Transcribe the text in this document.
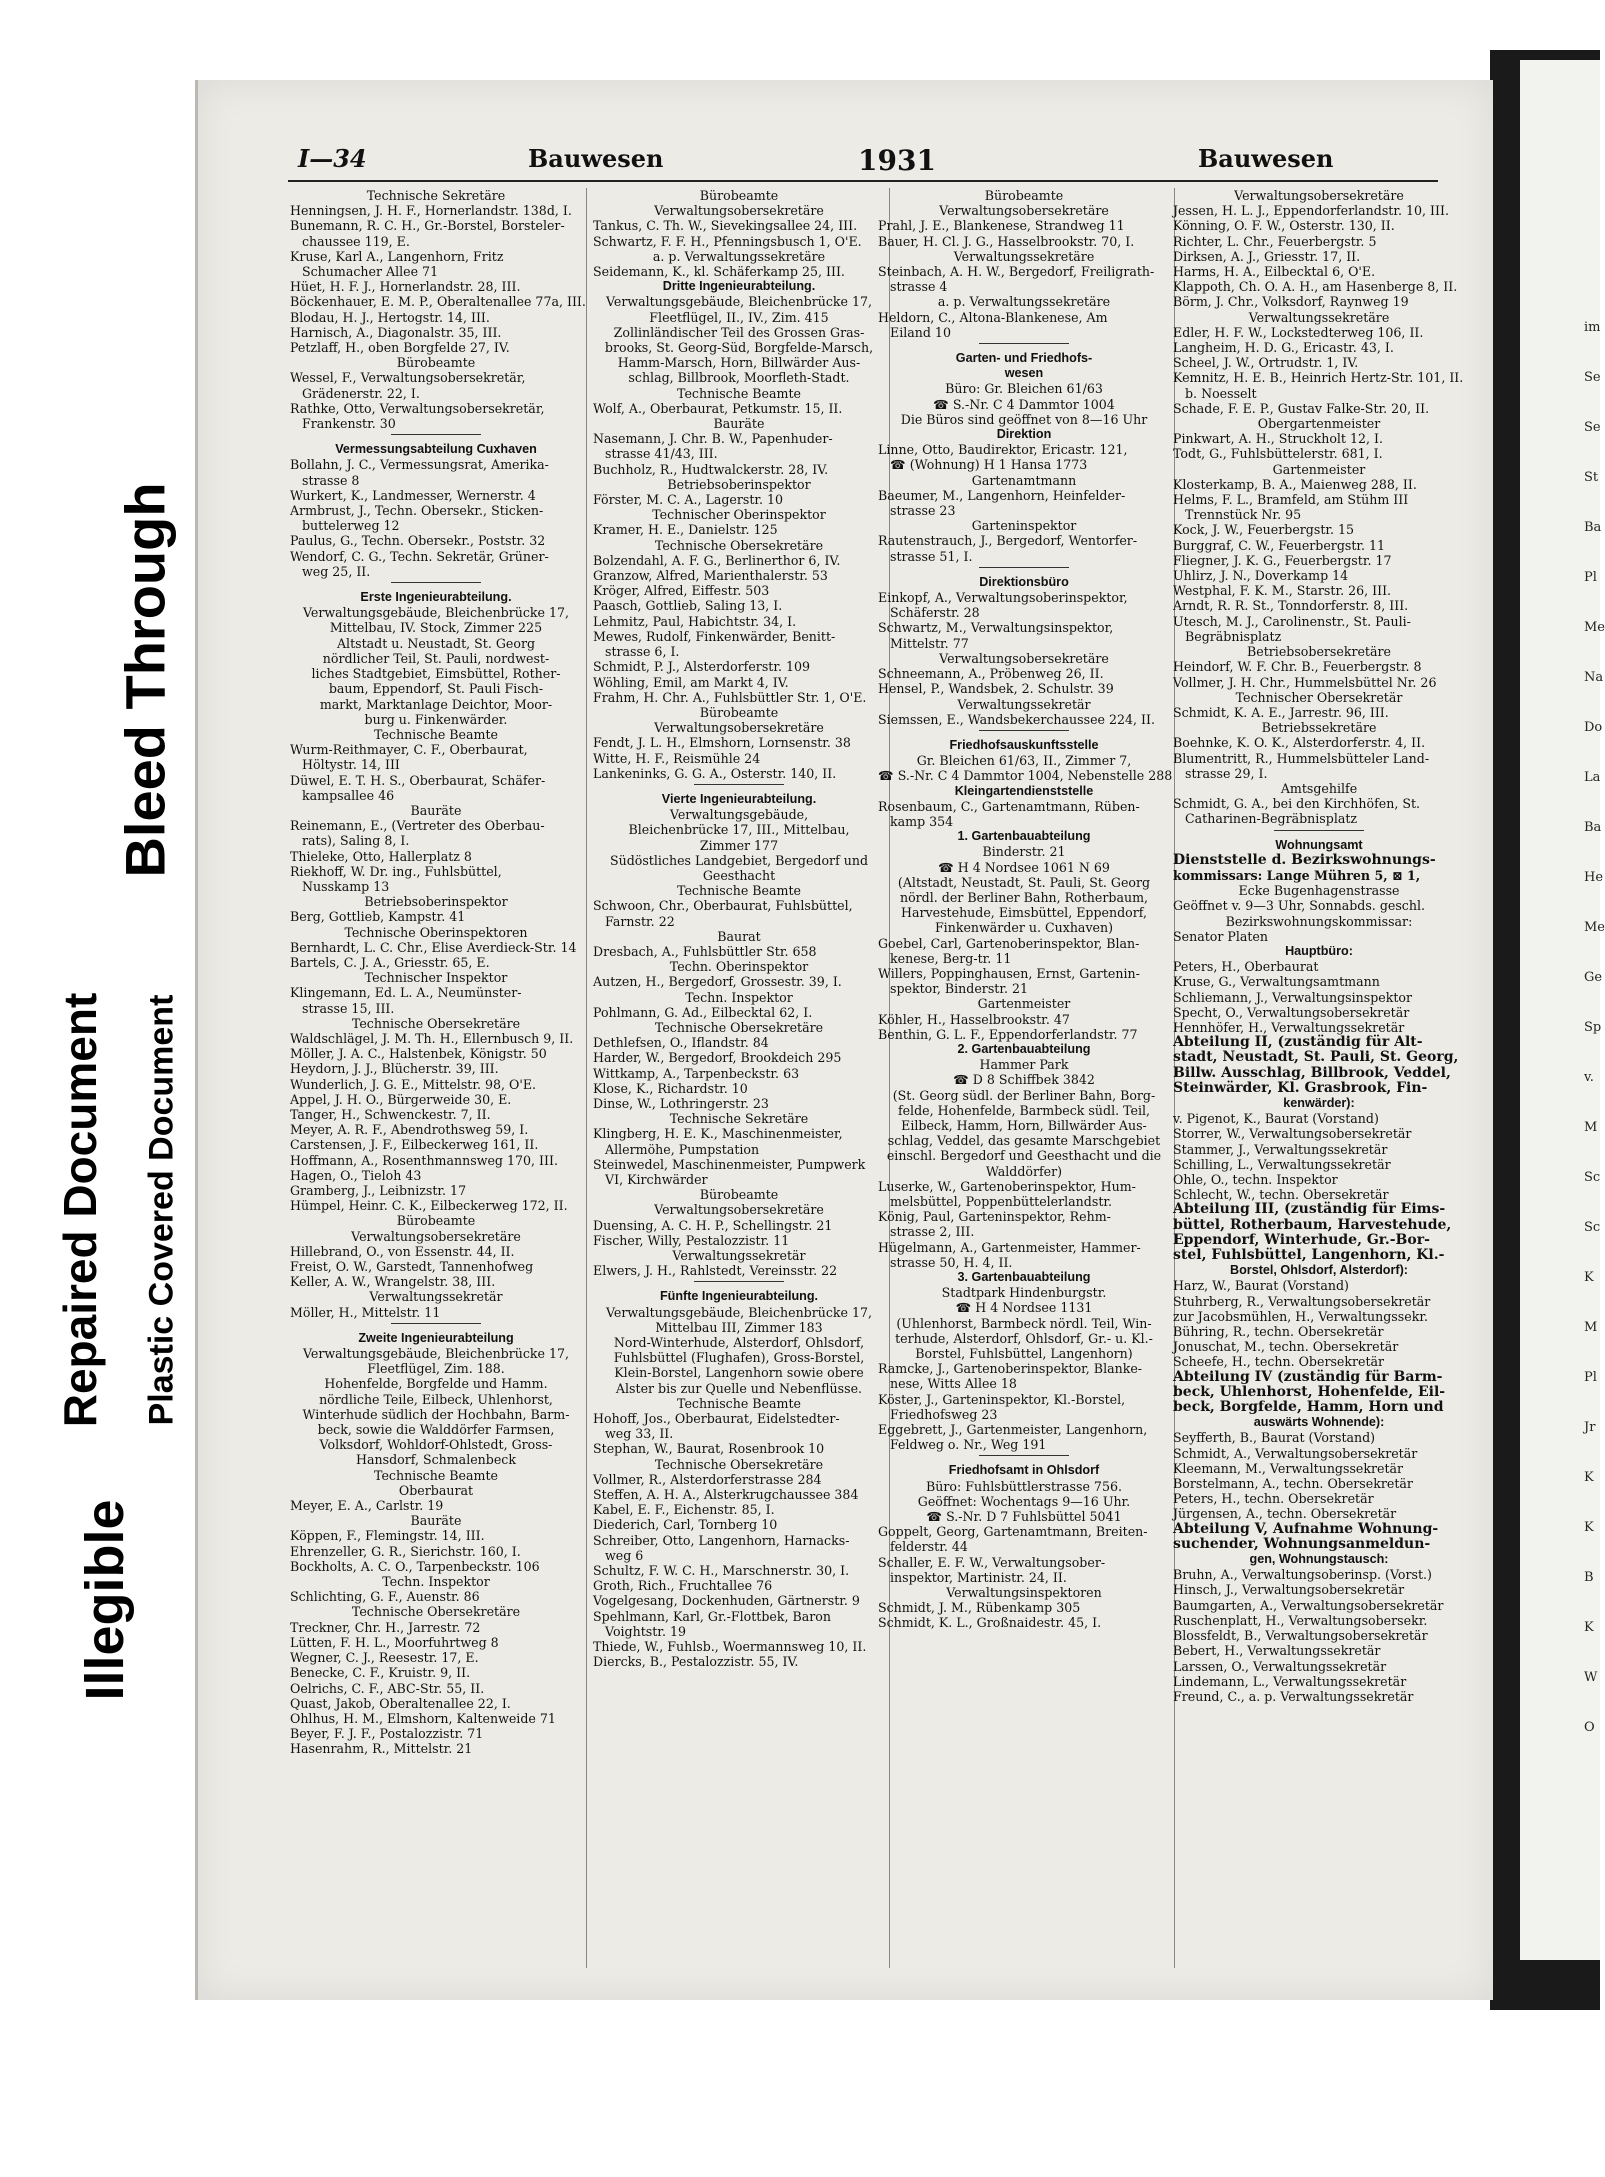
Bleed Through
Repaired Document Plastic Covered Document
Illegible
im
Se
Se
St
Ba
Pl
Me
Na
Do
La
Ba
He
Me
Ge
Sp
v.
M
Sc
Sc
K
M
Pl
Jr
K
K
B
K
W
O
I—34	Bauwesen	1931	Bauwesen
Technische Sekretäre
Henningsen, J. H. F., Hornerlandstr. 138d, I.
Bunemann, R. C. H., Gr.-Borstel, Borsteler-
chaussee 119, E.
Kruse, Karl A., Langenhorn, Fritz
Schumacher Allee 71
Hüet, H. F. J., Hornerlandstr. 28, III.
Böckenhauer, E. M. P., Oberaltenallee 77a, III.
Blodau, H. J., Hertogstr. 14, III.
Harnisch, A., Diagonalstr. 35, III.
Petzlaff, H., oben Borgfelde 27, IV.
Bürobeamte
Wessel, F., Verwaltungsobersekretär,
Grädenerstr. 22, I.
Rathke, Otto, Verwaltungsobersekretär,
Frankenstr. 30
Vermessungsabteilung Cuxhaven
Bollahn, J. C., Vermessungsrat, Amerika-
strasse 8
Wurkert, K., Landmesser, Wernerstr. 4
Armbrust, J., Techn. Obersekr., Sticken-
buttelerweg 12
Paulus, G., Techn. Obersekr., Poststr. 32
Wendorf, C. G., Techn. Sekretär, Grüner-
weg 25, II.
Erste Ingenieurabteilung.
Verwaltungsgebäude, Bleichenbrücke 17,
Mittelbau, IV. Stock, Zimmer 225
Altstadt u. Neustadt, St. Georg
nördlicher Teil, St. Pauli, nordwest-
liches Stadtgebiet, Eimsbüttel, Rother-
baum, Eppendorf, St. Pauli Fisch-
markt, Marktanlage Deichtor, Moor-
burg u. Finkenwärder.
Technische Beamte
Wurm-Reithmayer, C. F., Oberbaurat,
Höltystr. 14, III
Düwel, E. T. H. S., Oberbaurat, Schäfer-
kampsallee 46
Bauräte
Reinemann, E., (Vertreter des Oberbau-
rats), Saling 8, I.
Thieleke, Otto, Hallerplatz 8
Riekhoff, W. Dr. ing., Fuhlsbüttel,
Nusskamp 13
Betriebsoberinspektor
Berg, Gottlieb, Kampstr. 41
Technische Oberinspektoren
Bernhardt, L. C. Chr., Elise Averdieck-Str. 14
Bartels, C. J. A., Griesstr. 65, E.
Technischer Inspektor
Klingemann, Ed. L. A., Neumünster-
strasse 15, III.
Technische Obersekretäre
Waldschlägel, J. M. Th. H., Ellernbusch 9, II.
Möller, J. A. C., Halstenbek, Königstr. 50
Heydorn, J. J., Blücherstr. 39, III.
Wunderlich, J. G. E., Mittelstr. 98, O'E.
Appel, J. H. O., Bürgerweide 30, E.
Tanger, H., Schwenckestr. 7, II.
Meyer, A. R. F., Abendrothsweg 59, I.
Carstensen, J. F., Eilbeckerweg 161, II.
Hoffmann, A., Rosenthmannsweg 170, III.
Hagen, O., Tieloh 43
Gramberg, J., Leibnizstr. 17
Hümpel, Heinr. C. K., Eilbeckerweg 172, II.
Bürobeamte
Verwaltungsobersekretäre
Hillebrand, O., von Essenstr. 44, II.
Freist, O. W., Garstedt, Tannenhofweg
Keller, A. W., Wrangelstr. 38, III.
Verwaltungssekretär
Möller, H., Mittelstr. 11
Zweite Ingenieurabteilung
Verwaltungsgebäude, Bleichenbrücke 17,
Fleetflügel, Zim. 188.
Hohenfelde, Borgfelde und Hamm.
nördliche Teile, Eilbeck, Uhlenhorst,
Winterhude südlich der Hochbahn, Barm-
beck, sowie die Walddörfer Farmsen,
Volksdorf, Wohldorf-Ohlstedt, Gross-
Hansdorf, Schmalenbeck
Technische Beamte
Oberbaurat
Meyer, E. A., Carlstr. 19
Bauräte
Köppen, F., Flemingstr. 14, III.
Ehrenzeller, G. R., Sierichstr. 160, I.
Bockholts, A. C. O., Tarpenbeckstr. 106
Techn. Inspektor
Schlichting, G. F., Auenstr. 86
Technische Obersekretäre
Treckner, Chr. H., Jarrestr. 72
Lütten, F. H. L., Moorfuhrtweg 8
Wegner, C. J., Reesestr. 17, E.
Benecke, C. F., Kruistr. 9, II.
Oelrichs, C. F., ABC-Str. 55, II.
Quast, Jakob, Oberaltenallee 22, I.
Ohlhus, H. M., Elmshorn, Kaltenweide 71
Beyer, F. J. F., Postalozzistr. 71
Hasenrahm, R., Mittelstr. 21
Bürobeamte
Verwaltungsobersekretäre
Tankus, C. Th. W., Sievekingsallee 24, III.
Schwartz, F. F. H., Pfenningsbusch 1, O'E.
a. p. Verwaltungssekretäre
Seidemann, K., kl. Schäferkamp 25, III.
Dritte Ingenieurabteilung.
Verwaltungsgebäude, Bleichenbrücke 17,
Fleetflügel, II., IV., Zim. 415
Zollinländischer Teil des Grossen Gras-
brooks, St. Georg-Süd, Borgfelde-Marsch,
Hamm-Marsch, Horn, Billwärder Aus-
schlag, Billbrook, Moorfleth-Stadt.
Technische Beamte
Wolf, A., Oberbaurat, Petkumstr. 15, II.
Bauräte
Nasemann, J. Chr. B. W., Papenhuder-
strasse 41/43, III.
Buchholz, R., Hudtwalckerstr. 28, IV.
Betriebsoberinspektor
Förster, M. C. A., Lagerstr. 10
Technischer Oberinspektor
Kramer, H. E., Danielstr. 125
Technische Obersekretäre
Bolzendahl, A. F. G., Berlinerthor 6, IV.
Granzow, Alfred, Marienthalerstr. 53
Kröger, Alfred, Eiffestr. 503
Paasch, Gottlieb, Saling 13, I.
Lehmitz, Paul, Habichtstr. 34, I.
Mewes, Rudolf, Finkenwärder, Benitt-
strasse 6, I.
Schmidt, P. J., Alsterdorferstr. 109
Wöhling, Emil, am Markt 4, IV.
Frahm, H. Chr. A., Fuhlsbüttler Str. 1, O'E.
Bürobeamte
Verwaltungsobersekretäre
Fendt, J. L. H., Elmshorn, Lornsenstr. 38
Witte, H. F., Reismühle 24
Lankeninks, G. G. A., Osterstr. 140, II.
Vierte Ingenieurabteilung.
Verwaltungsgebäude,
Bleichenbrücke 17, III., Mittelbau,
Zimmer 177
Südöstliches Landgebiet, Bergedorf und
Geesthacht
Technische Beamte
Schwoon, Chr., Oberbaurat, Fuhlsbüttel,
Farnstr. 22
Baurat
Dresbach, A., Fuhlsbüttler Str. 658
Techn. Oberinspektor
Autzen, H., Bergedorf, Grossestr. 39, I.
Techn. Inspektor
Pohlmann, G. Ad., Eilbecktal 62, I.
Technische Obersekretäre
Dethlefsen, O., Iflandstr. 84
Harder, W., Bergedorf, Brookdeich 295
Wittkamp, A., Tarpenbeckstr. 63
Klose, K., Richardstr. 10
Dinse, W., Lothringerstr. 23
Technische Sekretäre
Klingberg, H. E. K., Maschinenmeister,
Allermöhe, Pumpstation
Steinwedel, Maschinenmeister, Pumpwerk
VI, Kirchwärder
Bürobeamte
Verwaltungsobersekretäre
Duensing, A. C. H. P., Schellingstr. 21
Fischer, Willy, Pestalozzistr. 11
Verwaltungssekretär
Elwers, J. H., Rahlstedt, Vereinsstr. 22
Fünfte Ingenieurabteilung.
Verwaltungsgebäude, Bleichenbrücke 17,
Mittelbau III, Zimmer 183
Nord-Winterhude, Alsterdorf, Ohlsdorf,
Fuhlsbüttel (Flughafen), Gross-Borstel,
Klein-Borstel, Langenhorn sowie obere
Alster bis zur Quelle und Nebenflüsse.
Technische Beamte
Hohoff, Jos., Oberbaurat, Eidelstedter-
weg 33, II.
Stephan, W., Baurat, Rosenbrook 10
Technische Obersekretäre
Vollmer, R., Alsterdorferstrasse 284
Steffen, A. H. A., Alsterkrugchaussee 384
Kabel, E. F., Eichenstr. 85, I.
Diederich, Carl, Tornberg 10
Schreiber, Otto, Langenhorn, Harnacks-
weg 6
Schultz, F. W. C. H., Marschnerstr. 30, I.
Groth, Rich., Fruchtallee 76
Vogelgesang, Dockenhuden, Gärtnerstr. 9
Spehlmann, Karl, Gr.-Flottbek, Baron
Voightstr. 19
Thiede, W., Fuhlsb., Woermannsweg 10, II.
Diercks, B., Pestalozzistr. 55, IV.
Bürobeamte
Verwaltungsobersekretäre
Prahl, J. E., Blankenese, Strandweg 11
Bauer, H. Cl. J. G., Hasselbrookstr. 70, I.
Verwaltungssekretäre
Steinbach, A. H. W., Bergedorf, Freiligrath-
strasse 4
a. p. Verwaltungssekretäre
Heldorn, C., Altona-Blankenese, Am
Eiland 10
Garten- und Friedhofs-
wesen
Büro: Gr. Bleichen 61/63
☎ S.-Nr. C 4 Dammtor 1004
Die Büros sind geöffnet von 8—16 Uhr
Direktion
Linne, Otto, Baudirektor, Ericastr. 121,
☎ (Wohnung) H 1 Hansa 1773
Gartenamtmann
Baeumer, M., Langenhorn, Heinfelder-
strasse 23
Garteninspektor
Rautenstrauch, J., Bergedorf, Wentorfer-
strasse 51, I.
Direktionsbüro
Einkopf, A., Verwaltungsoberinspektor,
Schäferstr. 28
Schwartz, M., Verwaltungsinspektor,
Mittelstr. 77
Verwaltungsobersekretäre
Schneemann, A., Pröbenweg 26, II.
Hensel, P., Wandsbek, 2. Schulstr. 39
Verwaltungssekretär
Siemssen, E., Wandsbekerchaussee 224, II.
Friedhofsauskunftsstelle
Gr. Bleichen 61/63, II., Zimmer 7,
☎ S.-Nr. C 4 Dammtor 1004, Nebenstelle 288
Kleingartendienststelle
Rosenbaum, C., Gartenamtmann, Rüben-
kamp 354
1. Gartenbauabteilung
Binderstr. 21
☎ H 4 Nordsee 1061 N 69
(Altstadt, Neustadt, St. Pauli, St. Georg
nördl. der Berliner Bahn, Rotherbaum,
Harvestehude, Eimsbüttel, Eppendorf,
Finkenwärder u. Cuxhaven)
Goebel, Carl, Gartenoberinspektor, Blan-
kenese, Berg-tr. 11
Willers, Poppinghausen, Ernst, Gartenin-
spektor, Binderstr. 21
Gartenmeister
Köhler, H., Hasselbrookstr. 47
Benthin, G. L. F., Eppendorferlandstr. 77
2. Gartenbauabteilung
Hammer Park
☎ D 8 Schiffbek 3842
(St. Georg südl. der Berliner Bahn, Borg-
felde, Hohenfelde, Barmbeck südl. Teil,
Eilbeck, Hamm, Horn, Billwärder Aus-
schlag, Veddel, das gesamte Marschgebiet
einschl. Bergedorf und Geesthacht und die
Walddörfer)
Luserke, W., Gartenoberinspektor, Hum-
melsbüttel, Poppenbüttelerlandstr.
König, Paul, Garteninspektor, Rehm-
strasse 2, III.
Hügelmann, A., Gartenmeister, Hammer-
strasse 50, H. 4, II.
3. Gartenbauabteilung
Stadtpark Hindenburgstr.
☎ H 4 Nordsee 1131
(Uhlenhorst, Barmbeck nördl. Teil, Win-
terhude, Alsterdorf, Ohlsdorf, Gr.- u. Kl.-
Borstel, Fuhlsbüttel, Langenhorn)
Ramcke, J., Gartenoberinspektor, Blanke-
nese, Witts Allee 18
Köster, J., Garteninspektor, Kl.-Borstel,
Friedhofsweg 23
Eggebrett, J., Gartenmeister, Langenhorn,
Feldweg o. Nr., Weg 191
Friedhofsamt in Ohlsdorf
Büro: Fuhlsbüttlerstrasse 756.
Geöffnet: Wochentags 9—16 Uhr.
☎ S.-Nr. D 7 Fuhlsbüttel 5041
Goppelt, Georg, Gartenamtmann, Breiten-
felderstr. 44
Schaller, E. F. W., Verwaltungsober-
inspektor, Martinistr. 24, II.
Verwaltungsinspektoren
Schmidt, J. M., Rübenkamp 305
Schmidt, K. L., Großnaidestr. 45, I.
Verwaltungsobersekretäre
Jessen, H. L. J., Eppendorferlandstr. 10, III.
Könning, O. F. W., Osterstr. 130, II.
Richter, L. Chr., Feuerbergstr. 5
Dirksen, A. J., Griesstr. 17, II.
Harms, H. A., Eilbecktal 6, O'E.
Klappoth, Ch. O. A. H., am Hasenberge 8, II.
Börm, J. Chr., Volksdorf, Raynweg 19
Verwaltungssekretäre
Edler, H. F. W., Lockstedterweg 106, II.
Langheim, H. D. G., Ericastr. 43, I.
Scheel, J. W., Ortrudstr. 1, IV.
Kemnitz, H. E. B., Heinrich Hertz-Str. 101, II.
b. Noesselt
Schade, F. E. P., Gustav Falke-Str. 20, II.
Obergartenmeister
Pinkwart, A. H., Struckholt 12, I.
Todt, G., Fuhlsbüttelerstr. 681, I.
Gartenmeister
Klosterkamp, B. A., Maienweg 288, II.
Helms, F. L., Bramfeld, am Stühm III
Trennstück Nr. 95
Kock, J. W., Feuerbergstr. 15
Burggraf, C. W., Feuerbergstr. 11
Fliegner, J. K. G., Feuerbergstr. 17
Uhlirz, J. N., Doverkamp 14
Westphal, F. K. M., Starstr. 26, III.
Arndt, R. R. St., Tonndorferstr. 8, III.
Utesch, M. J., Carolinenstr., St. Pauli-
Begräbnisplatz
Betriebsobersekretäre
Heindorf, W. F. Chr. B., Feuerbergstr. 8
Vollmer, J. H. Chr., Hummelsbüttel Nr. 26
Technischer Obersekretär
Schmidt, K. A. E., Jarrestr. 96, III.
Betriebssekretäre
Boehnke, K. O. K., Alsterdorferstr. 4, II.
Blumentritt, R., Hummelsbütteler Land-
strasse 29, I.
Amtsgehilfe
Schmidt, G. A., bei den Kirchhöfen, St.
Catharinen-Begräbnisplatz
Wohnungsamt
Dienststelle d. Bezirkswohnungs-
kommissars: Lange Mühren 5, ⊠ 1,
Ecke Bugenhagenstrasse
Geöffnet v. 9—3 Uhr, Sonnabds. geschl.
Bezirkswohnungskommissar:
Senator Platen
Hauptbüro:
Peters, H., Oberbaurat
Kruse, G., Verwaltungsamtmann
Schliemann, J., Verwaltungsinspektor
Specht, O., Verwaltungsobersekretär
Hennhöfer, H., Verwaltungssekretär
Abteilung II, (zuständig für Alt-
stadt, Neustadt, St. Pauli, St. Georg,
Billw. Ausschlag, Billbrook, Veddel,
Steinwärder, Kl. Grasbrook, Fin-
kenwärder):
v. Pigenot, K., Baurat (Vorstand)
Storrer, W., Verwaltungsobersekretär
Stammer, J., Verwaltungssekretär
Schilling, L., Verwaltungssekretär
Ohle, O., techn. Inspektor
Schlecht, W., techn. Obersekretär
Abteilung III, (zuständig für Eims-
büttel, Rotherbaum, Harvestehude,
Eppendorf, Winterhude, Gr.-Bor-
stel, Fuhlsbüttel, Langenhorn, Kl.-
Borstel, Ohlsdorf, Alsterdorf):
Harz, W., Baurat (Vorstand)
Stuhrberg, R., Verwaltungsobersekretär
zur Jacobsmühlen, H., Verwaltungssekr.
Bühring, R., techn. Obersekretär
Jonuschat, M., techn. Obersekretär
Scheefe, H., techn. Obersekretär
Abteilung IV (zuständig für Barm-
beck, Uhlenhorst, Hohenfelde, Eil-
beck, Borgfelde, Hamm, Horn und
auswärts Wohnende):
Seyfferth, B., Baurat (Vorstand)
Schmidt, A., Verwaltungsobersekretär
Kleemann, M., Verwaltungssekretär
Borstelmann, A., techn. Obersekretär
Peters, H., techn. Obersekretär
Jürgensen, A., techn. Obersekretär
Abteilung V, Aufnahme Wohnung-
suchender, Wohnungsanmeldun-
gen, Wohnungstausch:
Bruhn, A., Verwaltungsoberinsp. (Vorst.)
Hinsch, J., Verwaltungsobersekretär
Baumgarten, A., Verwaltungsobersekretär
Ruschenplatt, H., Verwaltungsobersekr.
Blossfeldt, B., Verwaltungsobersekretär
Bebert, H., Verwaltungssekretär
Larssen, O., Verwaltungssekretär
Lindemann, L., Verwaltungssekretär
Freund, C., a. p. Verwaltungssekretär
